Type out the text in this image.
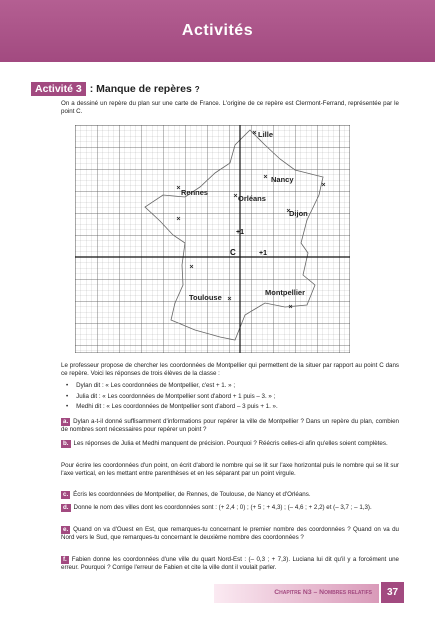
Activités
Activité 3 : Manque de repères ?

On a dessiné un repère du plan sur une carte de France. L'origine de ce repère est Clermont-Ferrand, représentée par le point C.

Lille
Rennes
Orléans
Nancy
Dijon
Toulouse
Montpellier
C	+1
+1

Le professeur propose de chercher les coordonnées de Montpellier qui permettent de la situer par rapport au point C dans ce repère. Voici les réponses de trois élèves de la classe :

• Dylan dit : « Les coordonnées de Montpellier, c'est + 1. » ;
• Julia dit : « Les coordonnées de Montpellier sont d'abord + 1 puis – 3. » ;
• Medhi dit : « Les coordonnées de Montpellier sont d'abord – 3 puis + 1. ».

a. Dylan a-t-il donné suffisamment d'informations pour repérer la ville de Montpellier ? Dans un repère du plan, combien de nombres sont nécessaires pour repérer un point ?

b. Les réponses de Julia et Medhi manquent de précision. Pourquoi ? Réécris celles-ci afin qu'elles soient complètes.

Pour écrire les coordonnées d'un point, on écrit d'abord le nombre qui se lit sur l'axe horizontal puis le nombre qui se lit sur l'axe vertical, en les mettant entre parenthèses et en les séparant par un point virgule.

c. Écris les coordonnées de Montpellier, de Rennes, de Toulouse, de Nancy et d'Orléans.

d. Donne le nom des villes dont les coordonnées sont : (+ 2,4 ; 0) ; (+ 5 ; + 4,3) ; (– 4,6 ; + 2,2) et (– 3,7 ; – 1,3).

e. Quand on va d'Ouest en Est, que remarques-tu concernant le premier nombre des coordonnées ? Quand on va du Nord vers le Sud, que remarques-tu concernant le deuxième nombre des coordonnées ?

f. Fabien donne les coordonnées d'une ville du quart Nord-Est : (– 0,3 ; + 7,3). Luciana lui dit qu'il y a forcément une erreur. Pourquoi ? Corrige l'erreur de Fabien et cite la ville dont il voulait parler.

Chapitre N3 – Nombres relatifs	37
